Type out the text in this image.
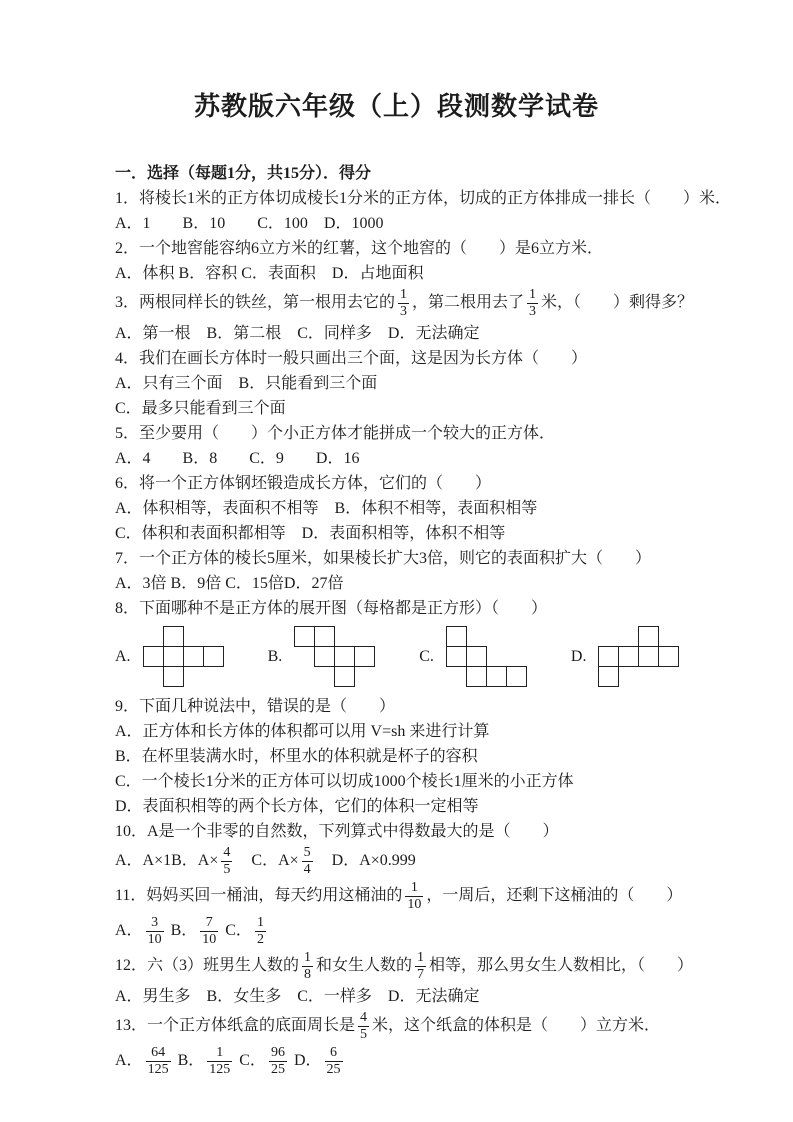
苏教版六年级（上）段测数学试卷
一．选择（每题1分，共15分）．得分
1．将棱长1米的正方体切成棱长1分米的正方体，切成的正方体排成一排长（　　）米．
A．1　　B．10　　C．100　D．1000
2．一个地窖能容纳6立方米的红薯，这个地窖的（　　）是6立方米．
A．体积 B．容积 C．表面积　D．占地面积
3．两根同样长的铁丝，第一根用去它的 $\frac{1}{3}$ ，第二根用去了 $\frac{1}{3}$ 米，（　　）剩得多？
A．第一根　B．第二根　C．同样多　D．无法确定
4．我们在画长方体时一般只画出三个面，这是因为长方体（　　）
A．只有三个面　B．只能看到三个面
C．最多只能看到三个面
5．至少要用（　　）个小正方体才能拼成一个较大的正方体．
A．4　　B．8　　C．9　　D．16
6．将一个正方体钢坯锻造成长方体，它们的（　　）
A．体积相等，表面积不相等　B．体积不相等，表面积相等
C．体积和表面积都相等　D．表面积相等，体积不相等
7．一个正方体的棱长5厘米，如果棱长扩大3倍，则它的表面积扩大（　　）
A．3倍 B．9倍 C．15倍D．27倍
8．下面哪种不是正方体的展开图（每格都是正方形）（　　）
A.	B.	C.	D.
9．下面几种说法中，错误的是（　　）
A．正方体和长方体的体积都可以用 V=sh 来进行计算
B．在杯里装满水时，杯里水的体积就是杯子的容积
C．一个棱长1分米的正方体可以切成1000个棱长1厘米的小正方体
D．表面积相等的两个长方体，它们的体积一定相等
10．A是一个非零的自然数，下列算式中得数最大的是（　　）
A．A×1B．$A\times \frac{4}{5}$ 　C．$A\times \frac{5}{4}$ 　D．A×0.999
11．妈妈买回一桶油，每天约用这桶油的 $\frac{1}{10}$ ，一周后，还剩下这桶油的（　　）
A． $\frac{3}{10}$ B． $\frac{7}{10}$ C． $\frac{1}{2}$
12．六（3）班男生人数的 $\frac{1}{8}$ 和女生人数的 $\frac{1}{7}$ 相等，那么男女生人数相比，（　　）
A．男生多　B．女生多　C．一样多　D．无法确定
13．一个正方体纸盒的底面周长是 $\frac{4}{5}$ 米，这个纸盒的体积是（　　）立方米．
A． $\frac{64}{125}$ B． $\frac{1}{125}$ C． $\frac{96}{25}$ D． $\frac{6}{25}$
